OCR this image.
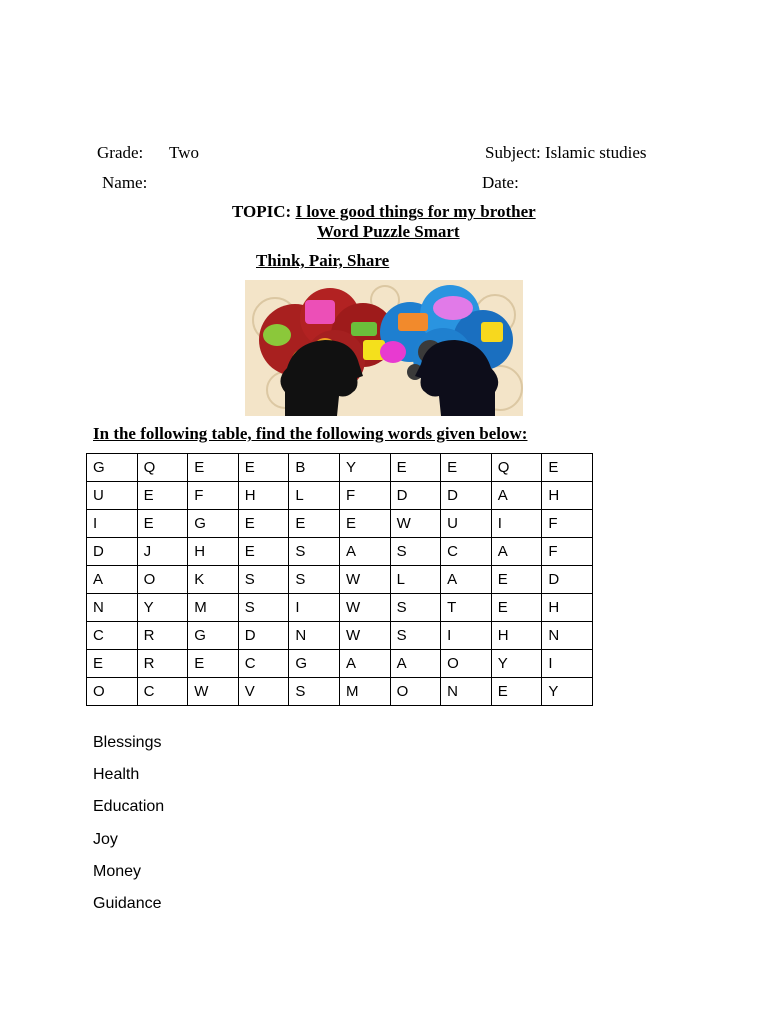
Grade: Two	Subject: Islamic studies
Name:	Date:
TOPIC: I love good things for my brother
Word Puzzle Smart
Think, Pair, Share
In the following table, find the following words given below:
G	Q	E	E	B	Y	E	E	Q	E
U	E	F	H	L	F	D	D	A	H
I	E	G	E	E	E	W	U	I	F
D	J	H	E	S	A	S	C	A	F
A	O	K	S	S	W	L	A	E	D
N	Y	M	S	I	W	S	T	E	H
C	R	G	D	N	W	S	I	H	N
E	R	E	C	G	A	A	O	Y	I
O	C	W	V	S	M	O	N	E	Y
Blessings
Health
Education
Joy
Money
Guidance
